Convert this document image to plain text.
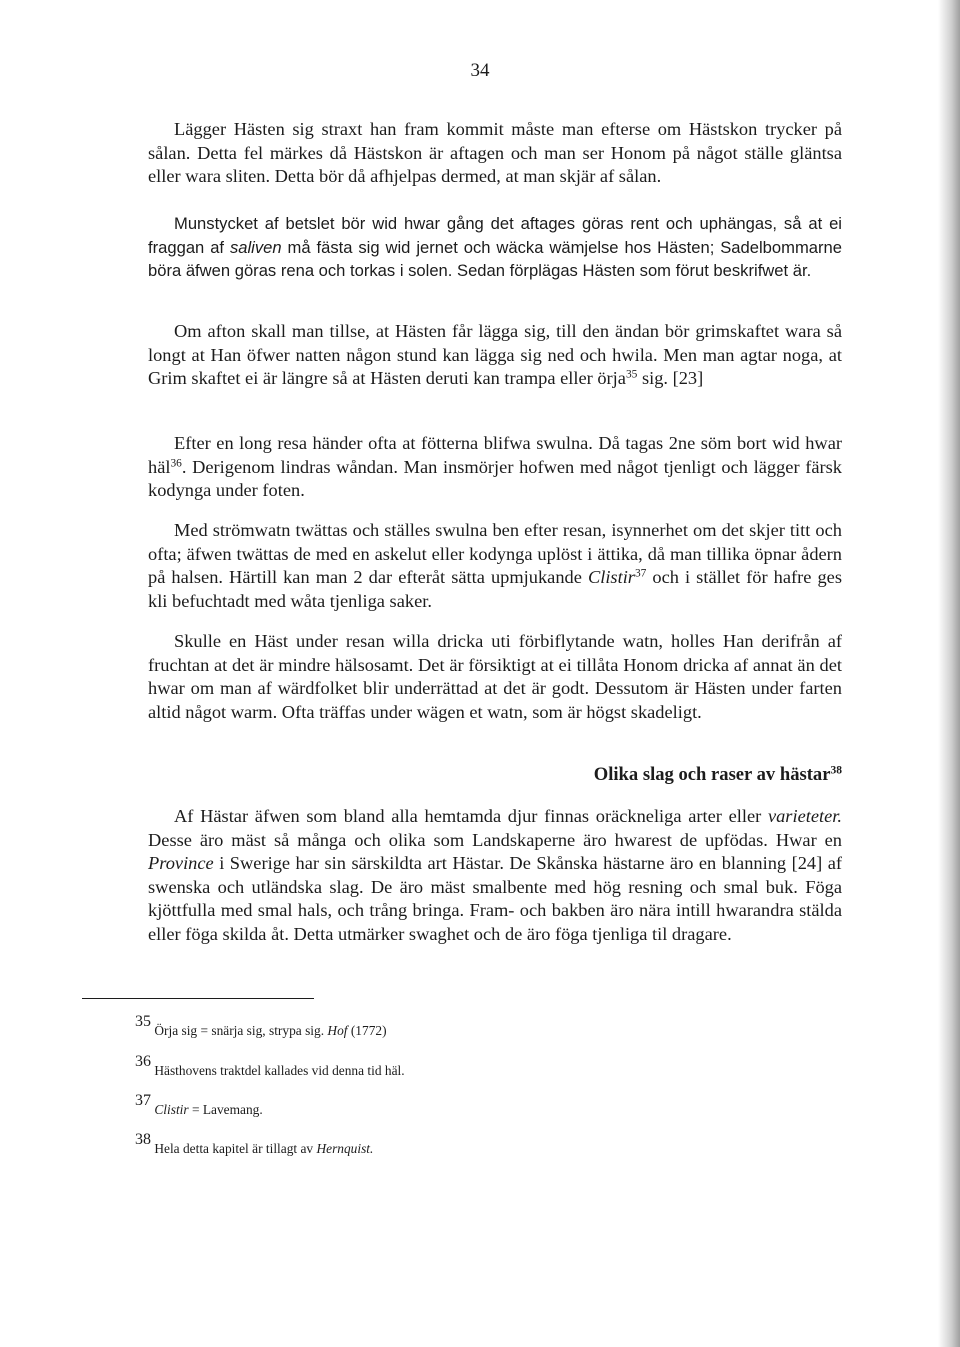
34

Lägger Hästen sig straxt han fram kommit måste man efterse om Hästskon trycker på sålan. Detta fel märkes då Hästskon är aftagen och man ser Honom på något ställe gläntsa eller wara sliten. Detta bör då afhjelpas dermed, at man skjär af sålan.

Munstycket af betslet bör wid hwar gång det aftages göras rent och uphängas, så at ei fraggan af saliven må fästa sig wid jernet och wäcka wämjelse hos Hästen; Sadelbommarne böra äfwen göras rena och torkas i solen. Sedan förplägas Hästen som förut beskrifwet är.

Om afton skall man tillse, at Hästen får lägga sig, till den ändan bör grimskaftet wara så longt at Han öfwer natten någon stund kan lägga sig ned och hwila. Men man agtar noga, at Grim skaftet ei är längre så at Hästen deruti kan trampa eller örja$^{35}$ sig. [23]

Efter en long resa händer ofta at fötterna blifwa swulna. Då tagas 2ne söm bort wid hwar häl$^{36}$. Derigenom lindras wåndan. Man insmörjer hofwen med något tjenligt och lägger färsk kodynga under foten.

Med strömwatn twättas och ställes swulna ben efter resan, isynnerhet om det skjer titt och ofta; äfwen twättas de med en askelut eller kodynga uplöst i ättika, då man tillika öpnar ådern på halsen. Härtill kan man 2 dar efteråt sätta upmjukande Clistir$^{37}$ och i stället för hafre ges kli befuchtadt med wåta tjenliga saker.

Skulle en Häst under resan willa dricka uti förbiflytande watn, holles Han derifrån af fruchtan at det är mindre hälsosamt. Det är försiktigt at ei tillåta Honom dricka af annat än det hwar om man af wärdfolket blir underrättad at det är godt. Dessutom är Hästen under farten altid något warm. Ofta träffas under wägen et watn, som är högst skadeligt.

Olika slag och raser av hästar$^{38}$

Af Hästar äfwen som bland alla hemtamda djur finnas oräckneliga arter eller varieteter. Desse äro mäst så många och olika som Landskaperne äro hwarest de upfödas. Hwar en Province i Swerige har sin särskildta art Hästar. De Skånska hästarne äro en blanning [24] af swenska och utländska slag. De äro mäst smalbente med hög resning och smal buk. Föga kjöttfulla med smal hals, och trång bringa. Fram- och bakben äro nära intill hwarandra stälda eller föga skilda åt. Detta utmärker swaghet och de äro föga tjenliga til dragare.

$^{35}$ Örja sig = snärja sig, strypa sig. Hof (1772)

$^{36}$ Hästhovens traktdel kallades vid denna tid häl.

$^{37}$ Clistir = Lavemang.

$^{38}$ Hela detta kapitel är tillagt av Hernquist.
